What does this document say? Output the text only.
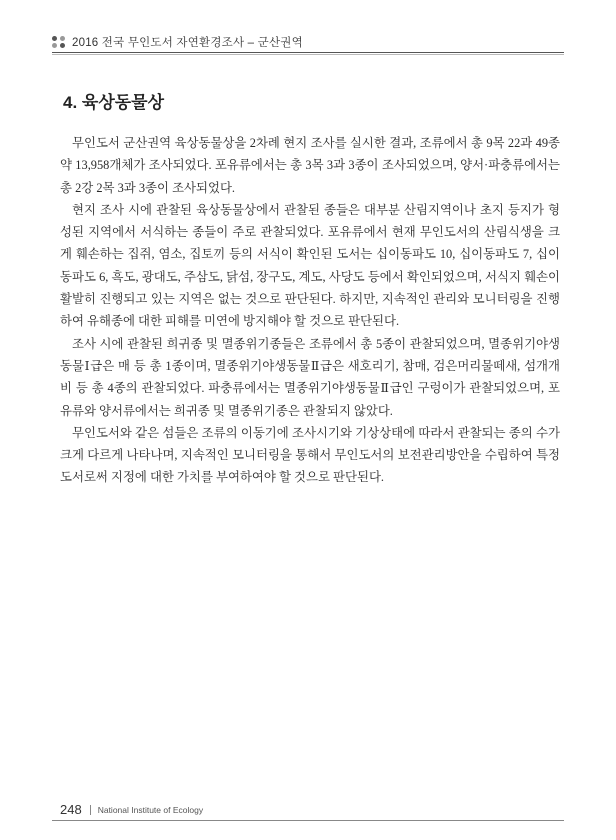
2016 전국 무인도서 자연환경조사 – 군산권역
4. 육상동물상

무인도서 군산권역 육상동물상을 2차례 현지 조사를 실시한 결과, 조류에서 총 9목 22과 49종 약 13,958개체가 조사되었다. 포유류에서는 총 3목 3과 3종이 조사되었으며, 양서·파충류에서는 총 2강 2목 3과 3종이 조사되었다.

현지 조사 시에 관찰된 육상동물상에서 관찰된 종들은 대부분 산림지역이나 초지 등지가 형성된 지역에서 서식하는 종들이 주로 관찰되었다. 포유류에서 현재 무인도서의 산림식생을 크게 훼손하는 집쥐, 염소, 집토끼 등의 서식이 확인된 도서는 십이동파도 10, 십이동파도 7, 십이동파도 6, 흑도, 광대도, 주삼도, 닭섬, 장구도, 계도, 사당도 등에서 확인되었으며, 서식지 훼손이 활발히 진행되고 있는 지역은 없는 것으로 판단된다. 하지만, 지속적인 관리와 모니터링을 진행하여 유해종에 대한 피해를 미연에 방지해야 할 것으로 판단된다.

조사 시에 관찰된 희귀종 및 멸종위기종들은 조류에서 총 5종이 관찰되었으며, 멸종위기야생동물Ⅰ급은 매 등 총 1종이며, 멸종위기야생동물Ⅱ급은 새호리기, 참매, 검은머리물떼새, 섬개개비 등 총 4종의 관찰되었다. 파충류에서는 멸종위기야생동물Ⅱ급인 구렁이가 관찰되었으며, 포유류와 양서류에서는 희귀종 및 멸종위기종은 관찰되지 않았다.

무인도서와 같은 섬들은 조류의 이동기에 조사시기와 기상상태에 따라서 관찰되는 종의 수가 크게 다르게 나타나며, 지속적인 모니터링을 통해서 무인도서의 보전관리방안을 수립하여 특정도서로써 지정에 대한 가치를 부여하여야 할 것으로 판단된다.

248 National Institute of Ecology
